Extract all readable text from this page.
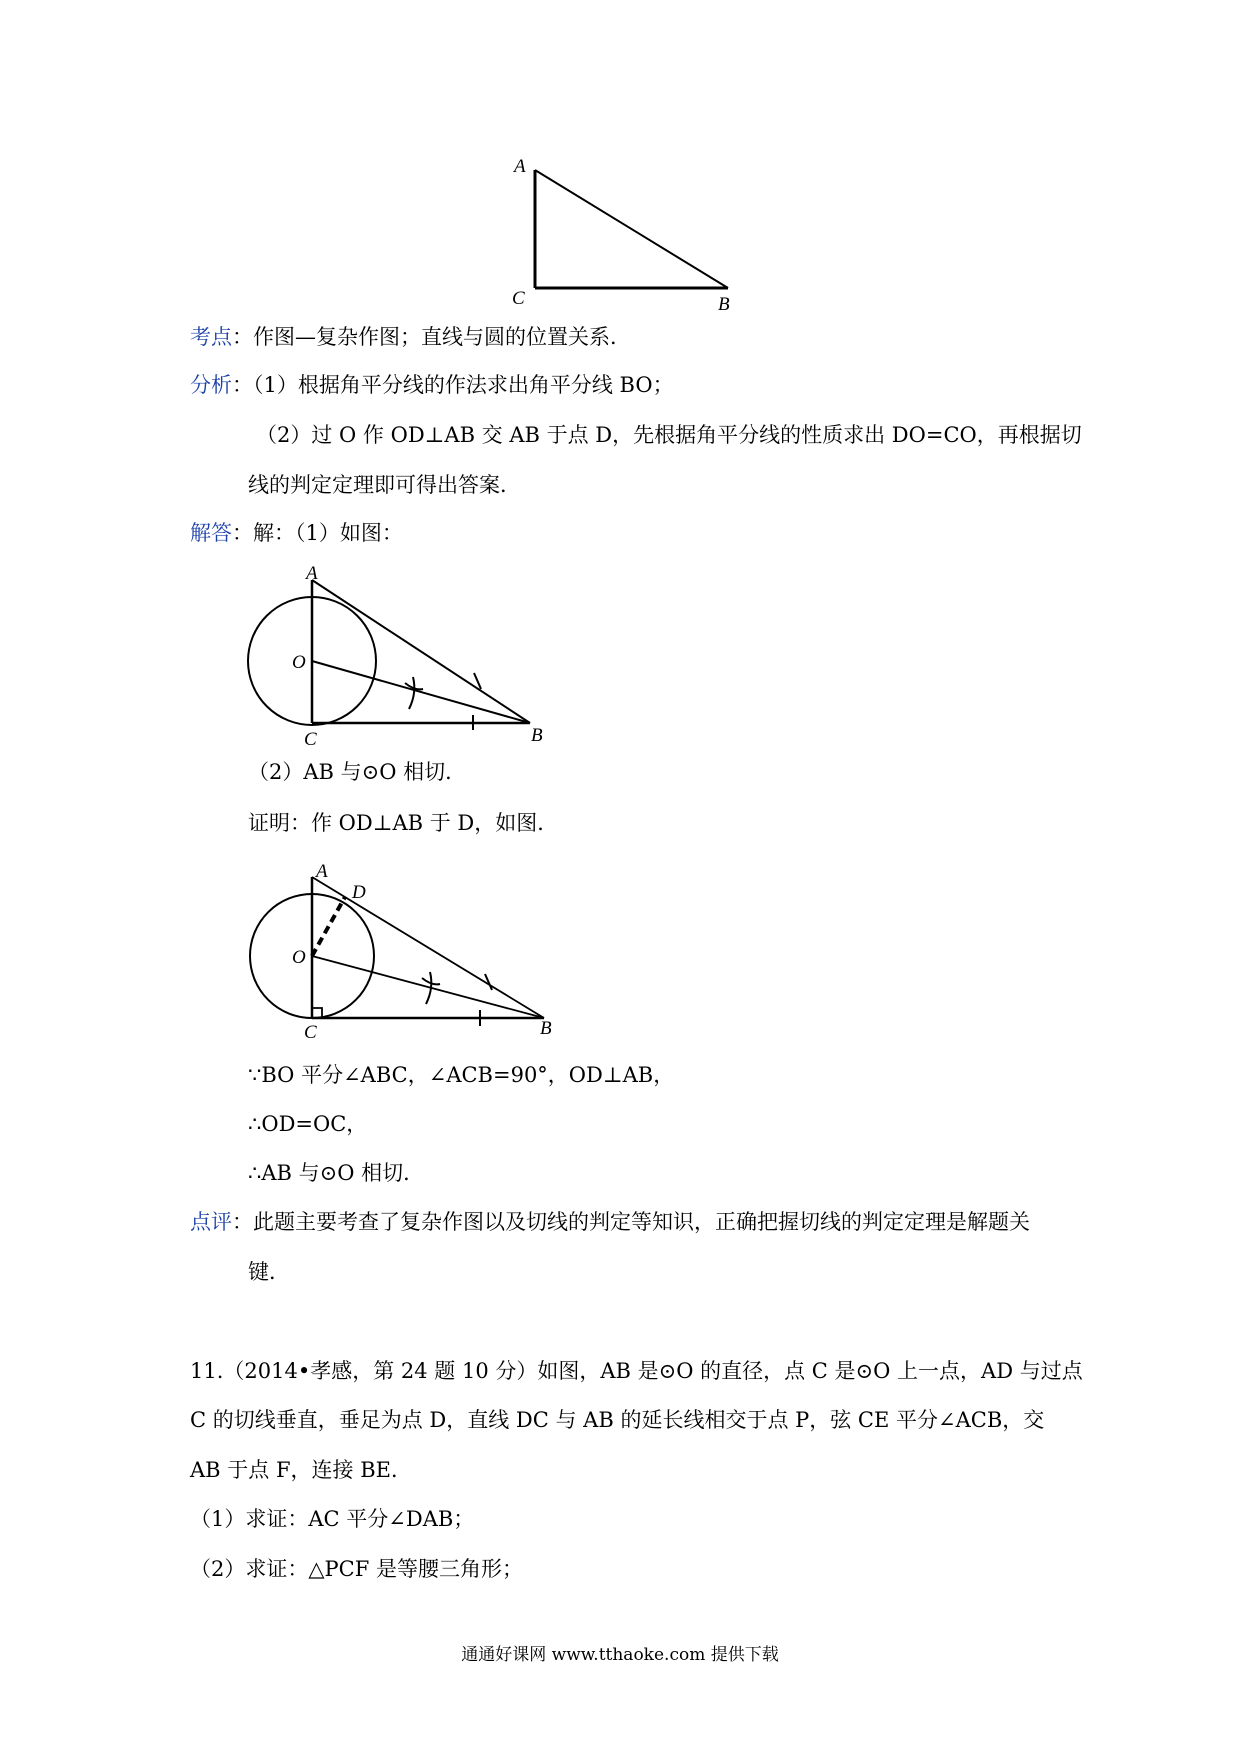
A
C	B
考点：作图—复杂作图；直线与圆的位置关系．
分析：（1）根据角平分线的作法求出角平分线 BO；
（2）过 O 作 OD⊥AB 交 AB 于点 D，先根据角平分线的性质求出 DO=CO，再根据切
线的判定定理即可得出答案．
解答：解：（1）如图：
A
O
C	B
（2）AB 与⊙O 相切．
证明：作 OD⊥AB 于 D，如图．
A
D
O
C	B
∵BO 平分∠ABC，∠ACB=90°，OD⊥AB，
∴OD=OC，
∴AB 与⊙O 相切．
点评：此题主要考查了复杂作图以及切线的判定等知识，正确把握切线的判定定理是解题关
键．
11.（2014•孝感，第 24 题 10 分）如图，AB 是⊙O 的直径，点 C 是⊙O 上一点，AD 与过点
C 的切线垂直，垂足为点 D，直线 DC 与 AB 的延长线相交于点 P，弦 CE 平分∠ACB，交
AB 于点 F，连接 BE．
（1）求证：AC 平分∠DAB；
（2）求证：△PCF 是等腰三角形；
通通好课网 www.tthaoke.com 提供下载
